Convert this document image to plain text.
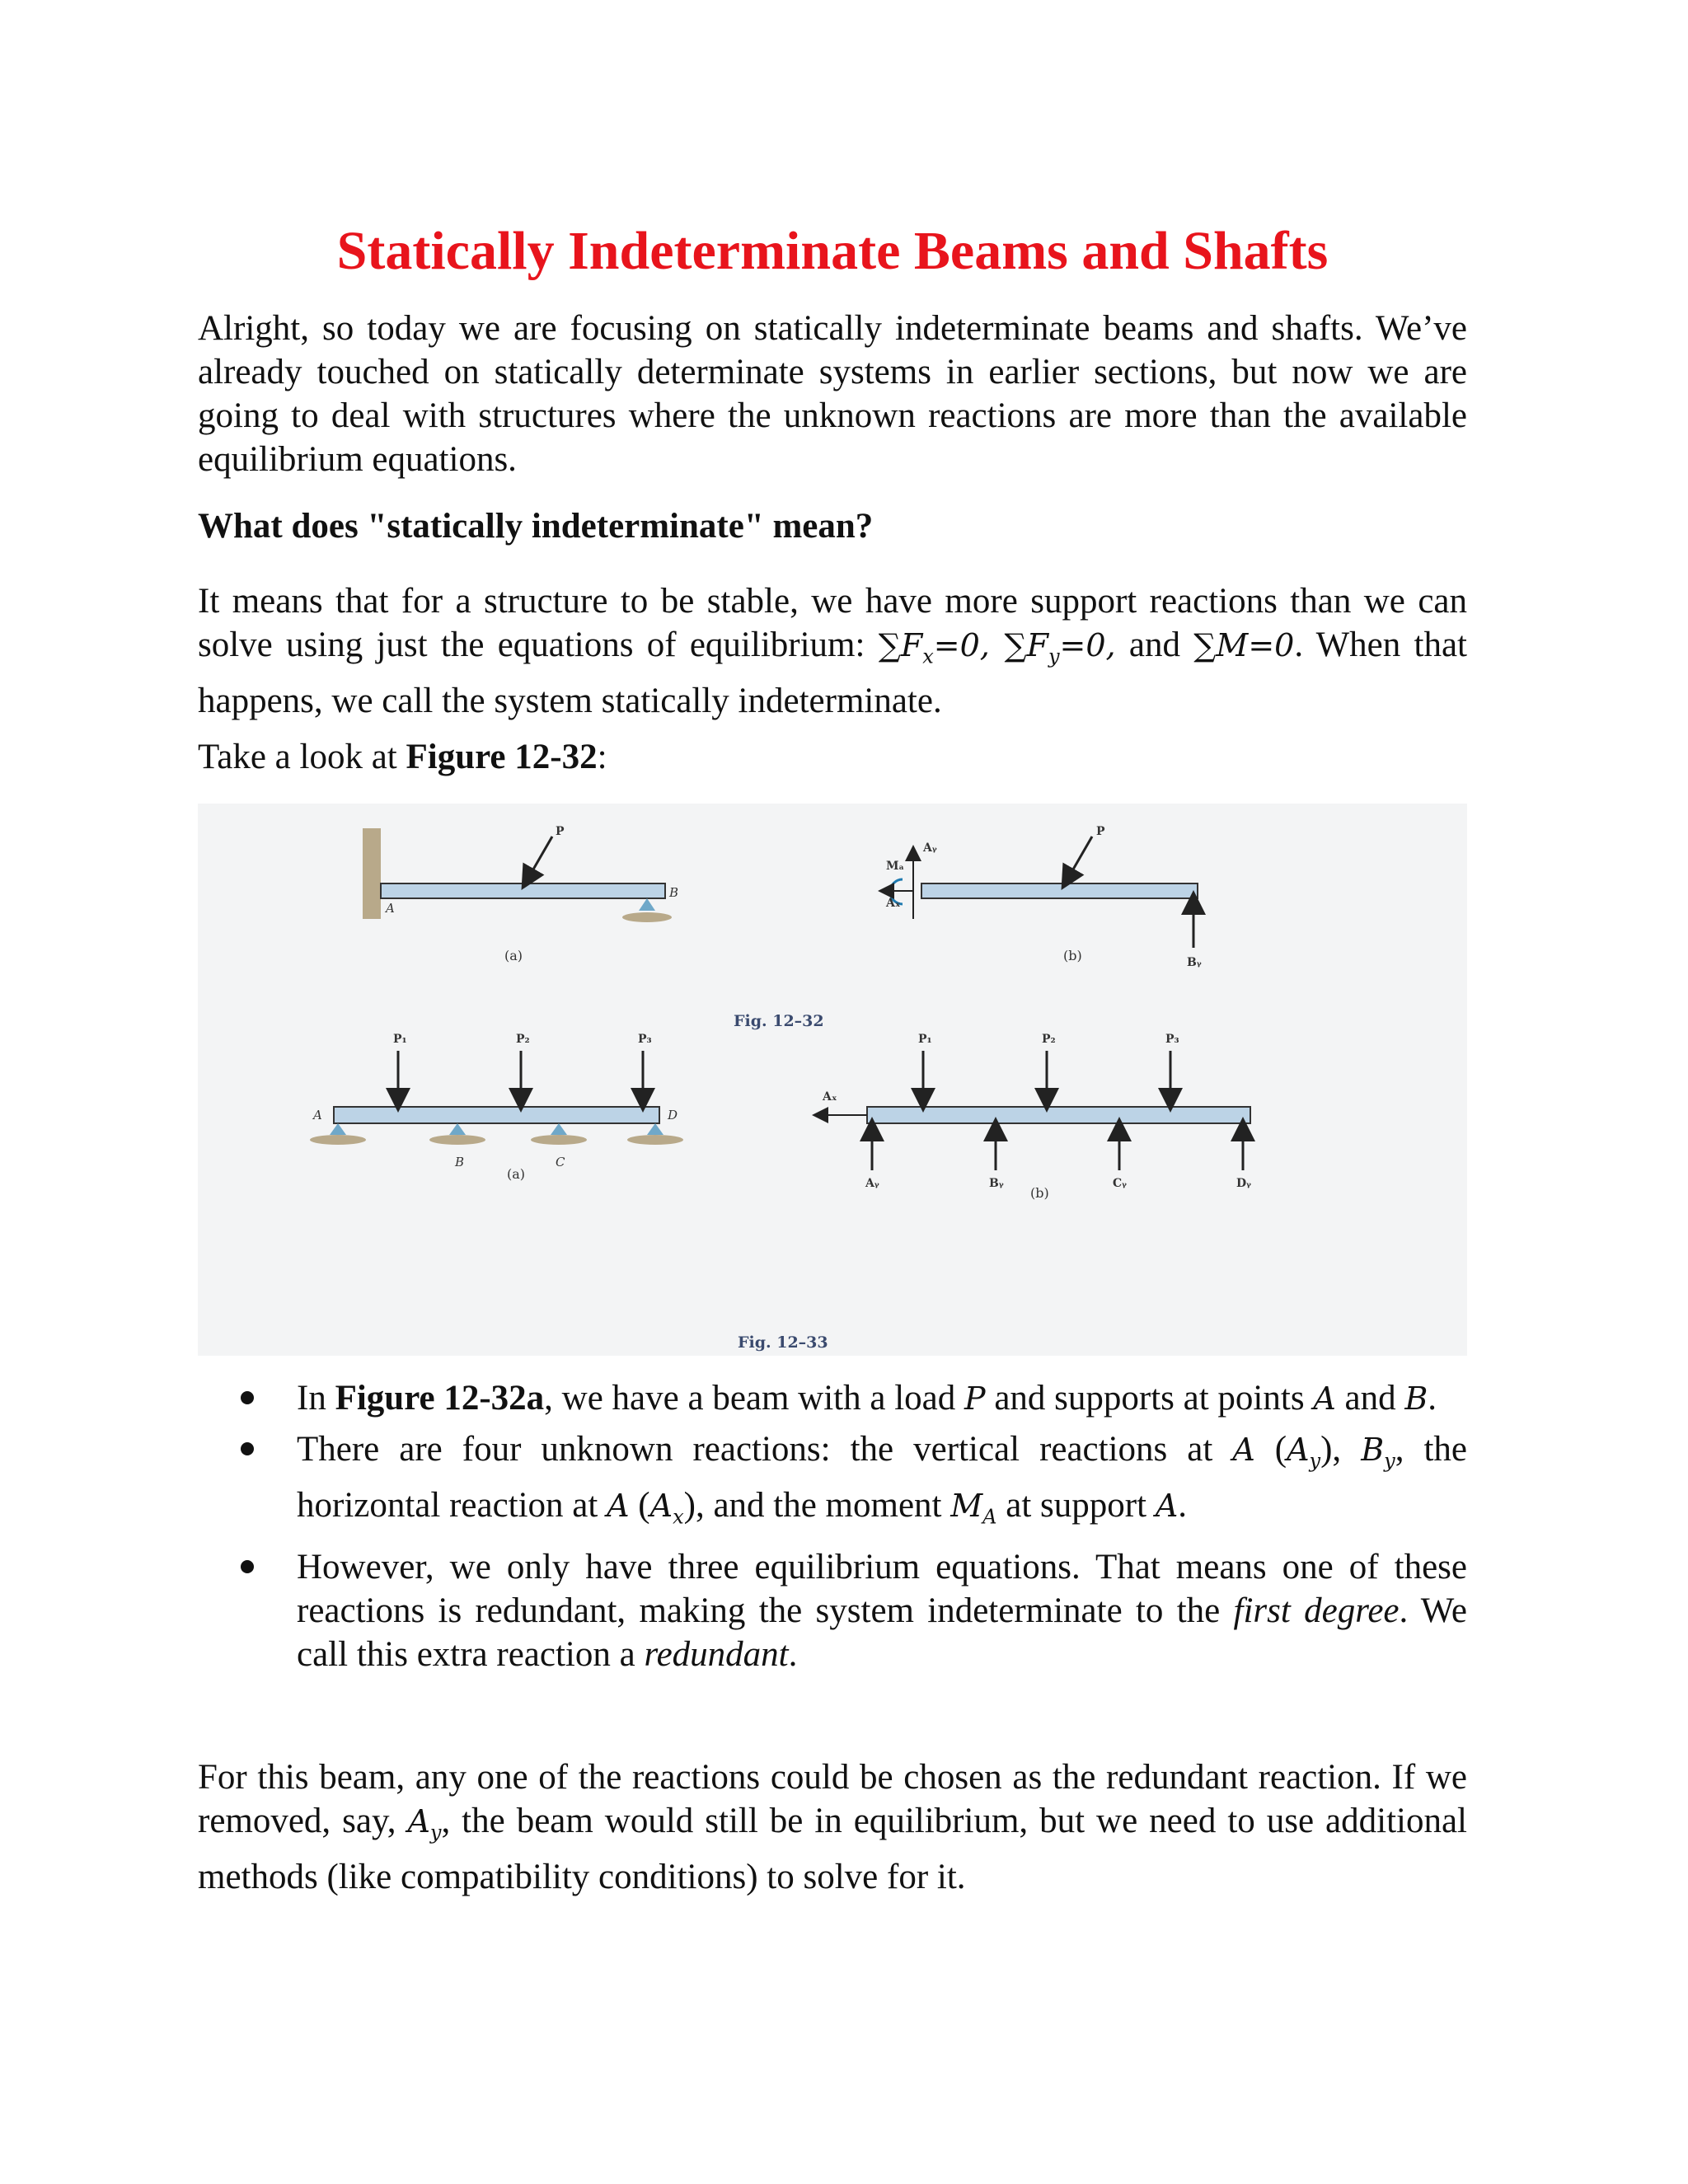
Statically Indeterminate Beams and Shafts

Alright, so today we are focusing on statically indeterminate beams and shafts. We’ve already touched on statically determinate systems in earlier sections, but now we are going to deal with structures where the unknown reactions are more than the available equilibrium equations.

What does "statically indeterminate" mean?

It means that for a structure to be stable, we have more support reactions than we can solve using just the equations of equilibrium: $\sum F_x=0$, $\sum F_y=0$, and ∑M=0. When that happens, we call the system statically indeterminate.

Take a look at Figure 12-32:

P
A
B
(a)
P
Mₐ
Aₓ
Aᵧ
Bᵧ
(b)
Fig. 12–32
P₁	P₂	P₃
A
B	C
D
(a)
P₁	P₂	P₃
Aₓ
Aᵧ	Bᵧ	Cᵧ	Dᵧ
(b)
Fig. 12–33
In Figure 12-32a, we have a beam with a load P and supports at points A and B.
There are four unknown reactions: the vertical reactions at A $(A_y)$, $B_y$, the horizontal reaction at A $(A_x)$, and the moment $M_A$ at support A.
However, we only have three equilibrium equations. That means one of these reactions is redundant, making the system indeterminate to the first degree. We call this extra reaction a redundant.

For this beam, any one of the reactions could be chosen as the redundant reaction. If we removed, say, $A_y$, the beam would still be in equilibrium, but we need to use additional methods (like compatibility conditions) to solve for it.
